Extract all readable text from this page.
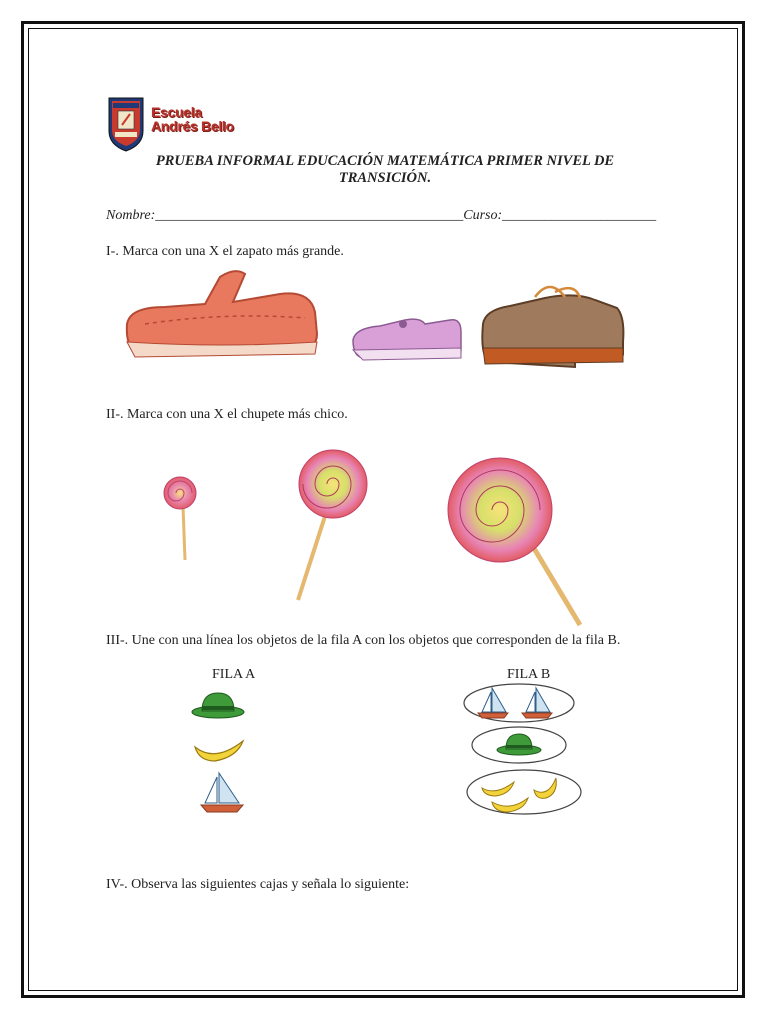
Escuela
Andrés Bello
PRUEBA INFORMAL EDUCACIÓN MATEMÁTICA PRIMER NIVEL DE
TRANSICIÓN.
Nombre:____________________________________________Curso:______________________
I-. Marca con una X el zapato más grande.
II-. Marca con una X el chupete más chico.
III-. Une con una línea los objetos de la fila A con los objetos que corresponden de la fila B.
FILA A	FILA B
IV-. Observa las siguientes cajas y señala lo siguiente:
